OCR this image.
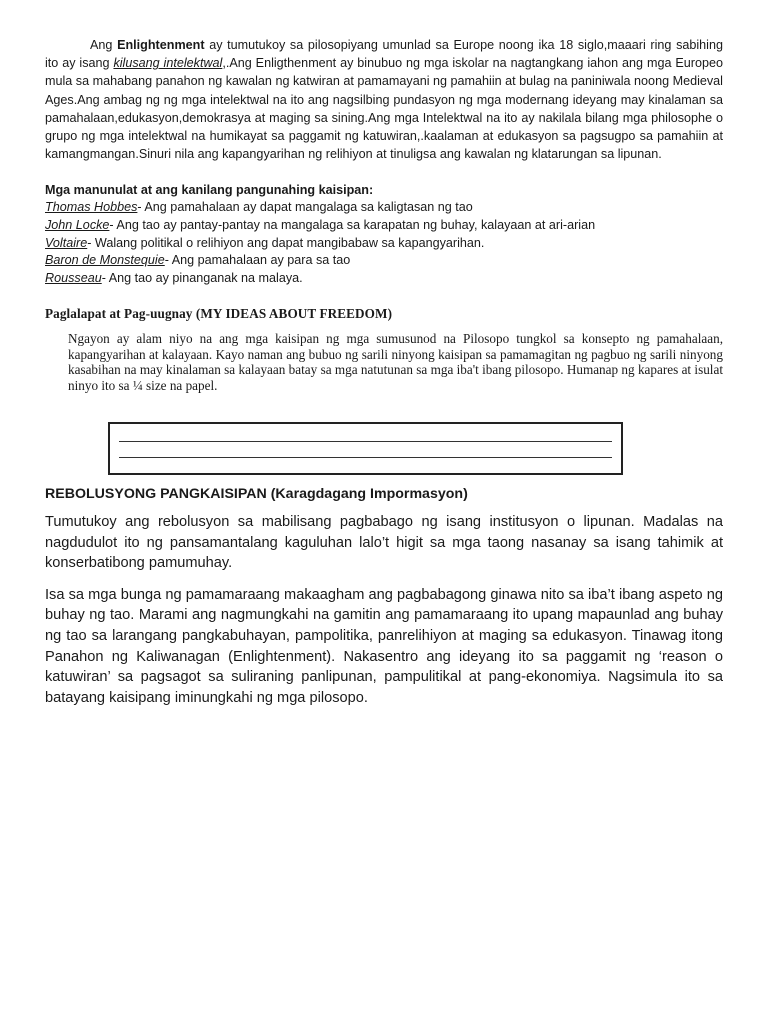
Ang Enlightenment ay tumutukoy sa pilosopiyang umunlad sa Europe noong ika 18 siglo,maaari ring sabihing ito ay isang kilusang intelektwal,.Ang Enligthenment ay binubuo ng mga iskolar na nagtangkang iahon ang mga Europeo mula sa mahabang panahon ng kawalan ng katwiran at pamamayani ng pamahiin at bulag na paniniwala noong Medieval Ages.Ang ambag ng ng mga intelektwal na ito ang nagsilbing pundasyon ng mga modernang ideyang may kinalaman sa pamahalaan,edukasyon,demokrasya at maging sa sining.Ang mga Intelektwal na ito ay nakilala bilang mga philosophe o grupo ng mga intelektwal na humikayat sa paggamit ng katuwiran,.kaalaman at edukasyon sa pagsugpo sa pamahiin at kamangmangan.Sinuri nila ang kapangyarihan ng relihiyon at tinuligsa ang kawalan ng klatarungan sa lipunan.

Mga manunulat at ang kanilang pangunahing kaisipan:

Thomas Hobbes- Ang pamahalaan ay dapat mangalaga sa kaligtasan ng tao

John Locke- Ang tao ay pantay-pantay na mangalaga sa karapatan ng buhay, kalayaan at ari-arian

Voltaire- Walang politikal o relihiyon ang dapat mangibabaw sa kapangyarihan.

Baron de Monstequie- Ang pamahalaan ay para sa tao

Rousseau- Ang tao ay pinanganak na malaya.

Paglalapat at Pag-uugnay (MY IDEAS ABOUT FREEDOM)

Ngayon ay alam niyo na ang mga kaisipan ng mga sumusunod na Pilosopo tungkol sa konsepto ng pamahalaan, kapangyarihan at kalayaan. Kayo naman ang bubuo ng sarili ninyong kaisipan sa pamamagitan ng pagbuo ng sarili ninyong kasabihan na may kinalaman sa kalayaan batay sa mga natutunan sa mga iba't ibang pilosopo. Humanap ng kapares at isulat ninyo ito sa ¼ size na papel.

REBOLUSYONG PANGKAISIPAN (Karagdagang Impormasyon)

Tumutukoy ang rebolusyon sa mabilisang pagbabago ng isang institusyon o lipunan. Madalas na nagdudulot ito ng pansamantalang kaguluhan lalo’t higit sa mga taong nasanay sa isang tahimik at konserbatibong pamumuhay.

Isa sa mga bunga ng pamamaraang makaagham ang pagbabagong ginawa nito sa iba’t ibang aspeto ng buhay ng tao. Marami ang nagmungkahi na gamitin ang pamamaraang ito upang mapaunlad ang buhay ng tao sa larangang pangkabuhayan, pampolitika, panrelihiyon at maging sa edukasyon. Tinawag itong Panahon ng Kaliwanagan (Enlightenment). Nakasentro ang ideyang ito sa paggamit ng ‘reason o katuwiran’ sa pagsagot sa suliraning panlipunan, pampulitikal at pang-ekonomiya. Nagsimula ito sa batayang kaisipang iminungkahi ng mga pilosopo.
